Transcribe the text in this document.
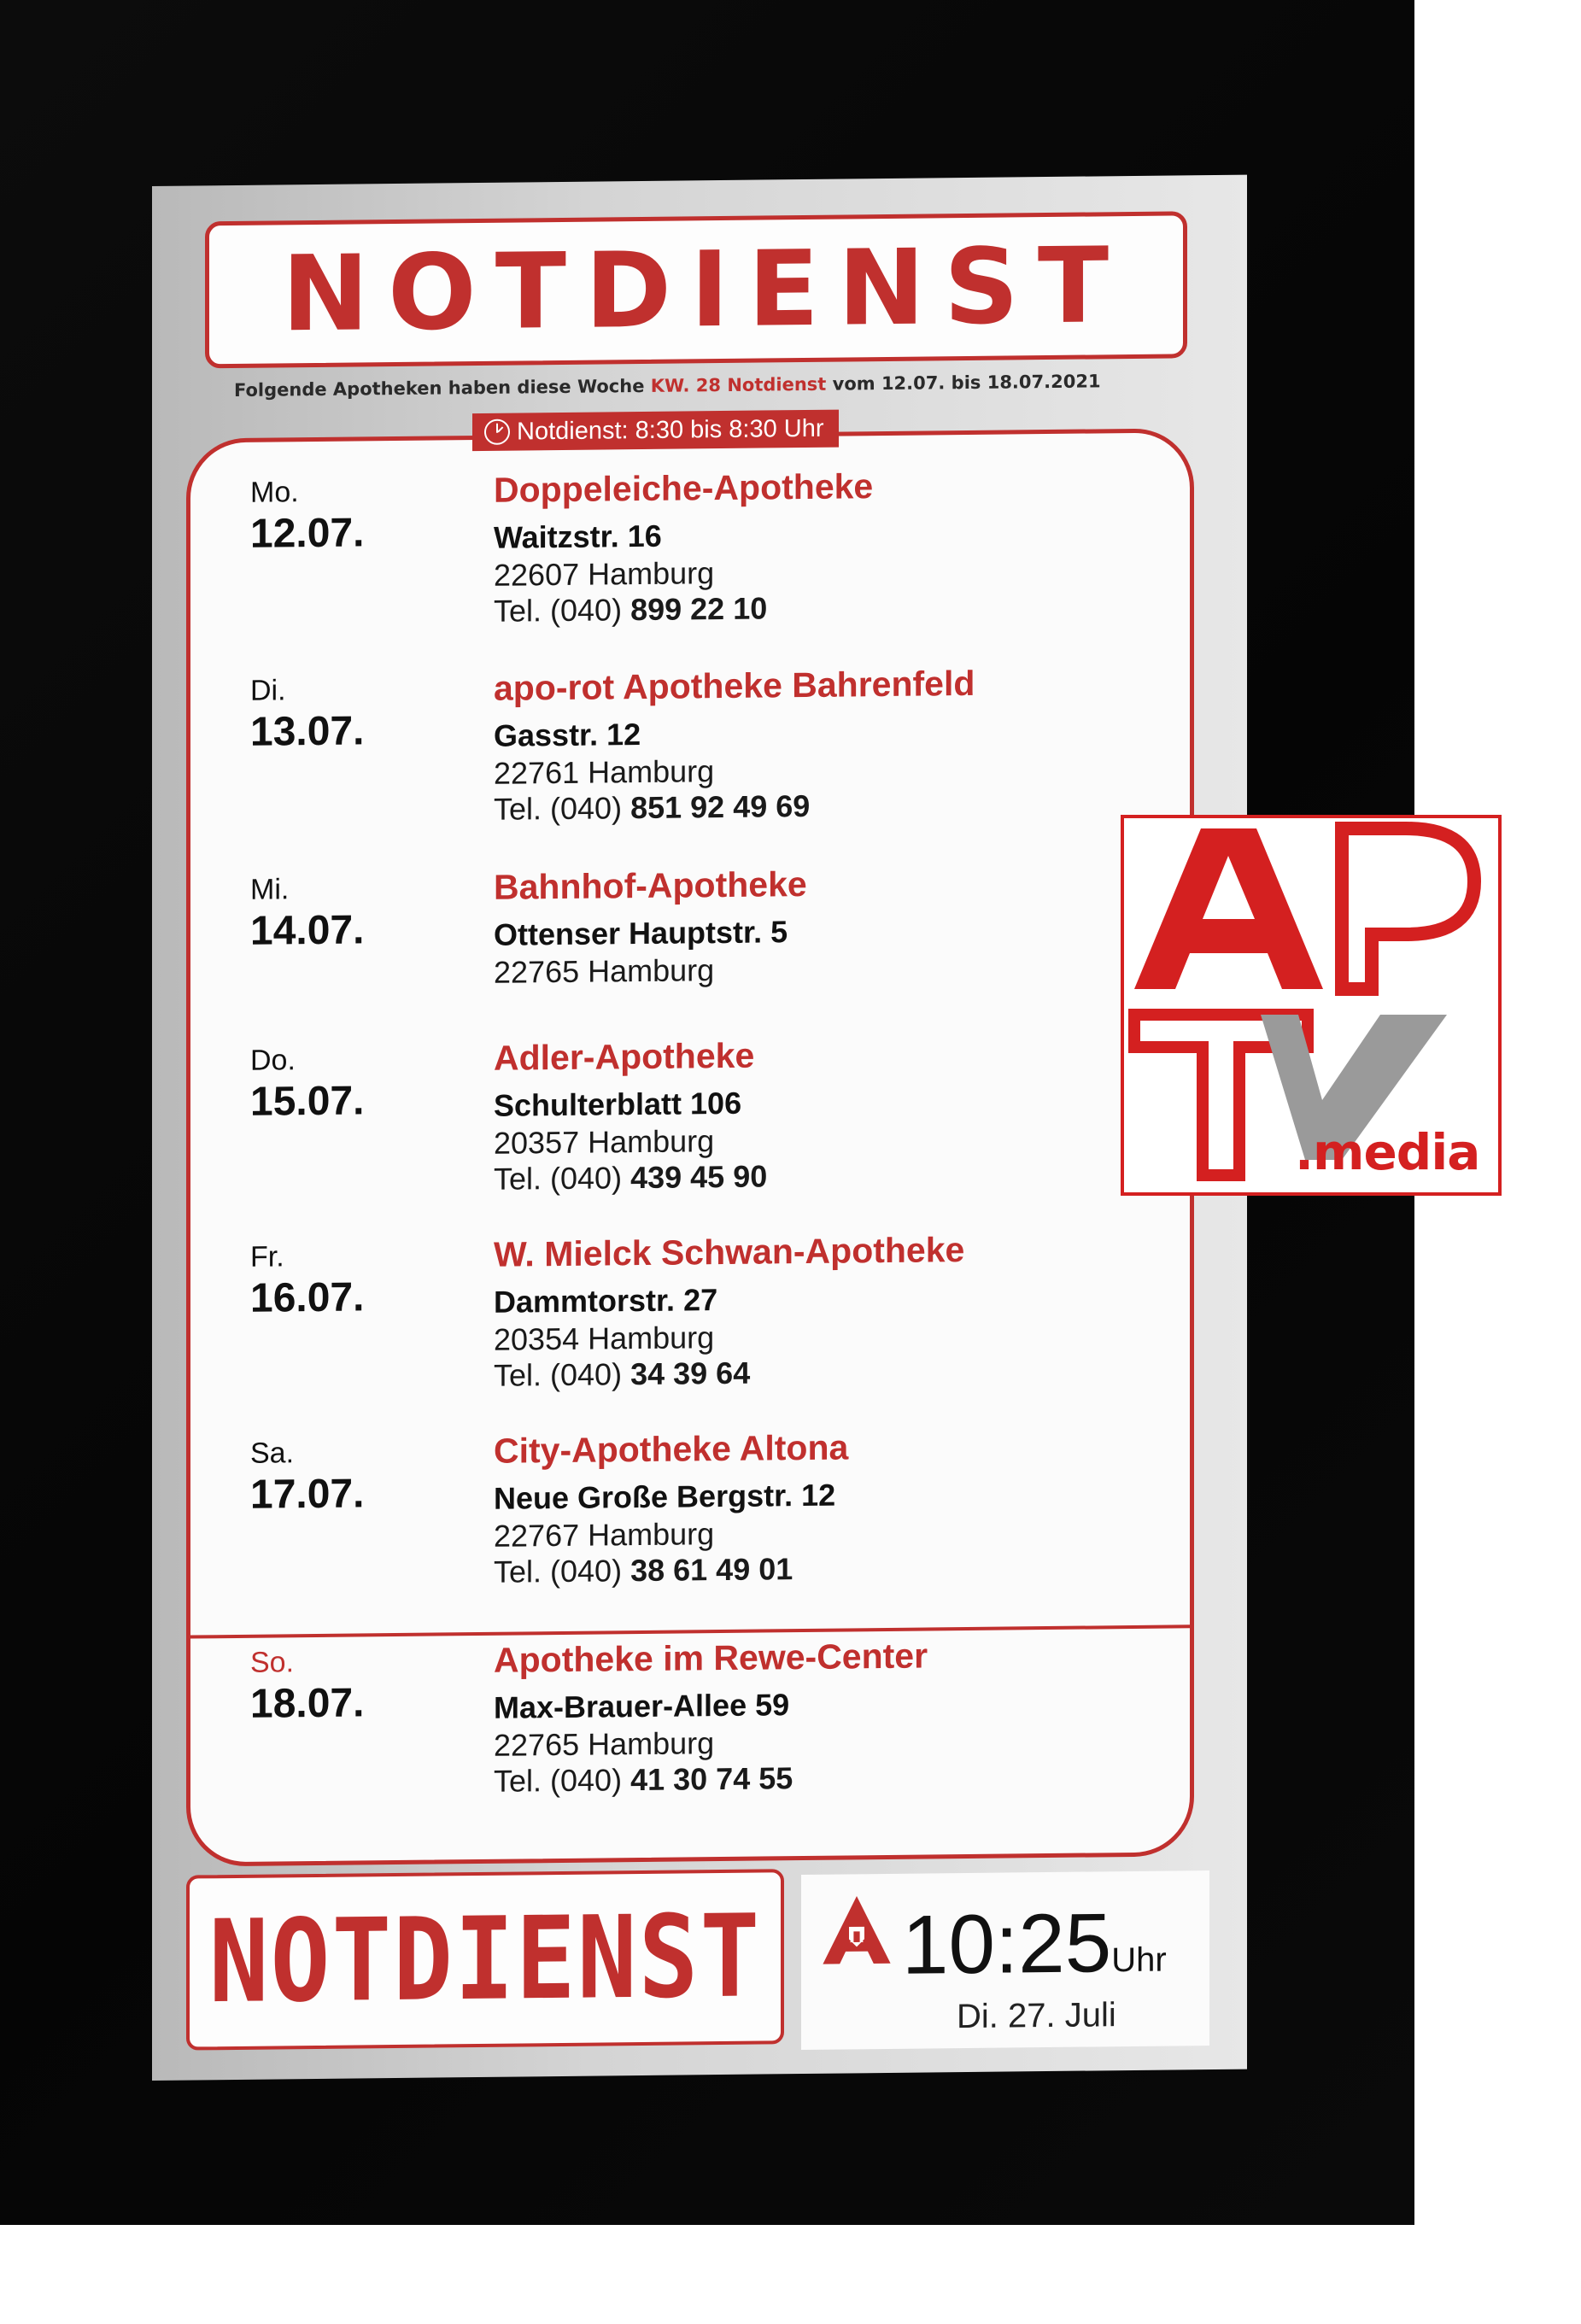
NOTDIENST
Folgende Apotheken haben diese Woche KW. 28 Notdienst vom 12.07. bis 18.07.2021
Notdienst: 8:30 bis 8:30 Uhr
Mo.
12.07.
Doppeleiche-Apotheke
Waitzstr. 16
22607 Hamburg
Tel. (040) 899 22 10
Di.
13.07.
apo-rot Apotheke Bahrenfeld
Gasstr. 12
22761 Hamburg
Tel. (040) 851 92 49 69
Mi.
14.07.
Bahnhof-Apotheke
Ottenser Hauptstr. 5
22765 Hamburg
Do.
15.07.
Adler-Apotheke
Schulterblatt 106
20357 Hamburg
Tel. (040) 439 45 90
Fr.
16.07.
W. Mielck Schwan-Apotheke
Dammtorstr. 27
20354 Hamburg
Tel. (040) 34 39 64
Sa.
17.07.
City-Apotheke Altona
Neue Große Bergstr. 12
22767 Hamburg
Tel. (040) 38 61 49 01
So.
18.07.
Apotheke im Rewe-Center
Max-Brauer-Allee 59
22765 Hamburg
Tel. (040) 41 30 74 55
NOTDIENST 10:25Uhr
Di. 27. Juli
.media
